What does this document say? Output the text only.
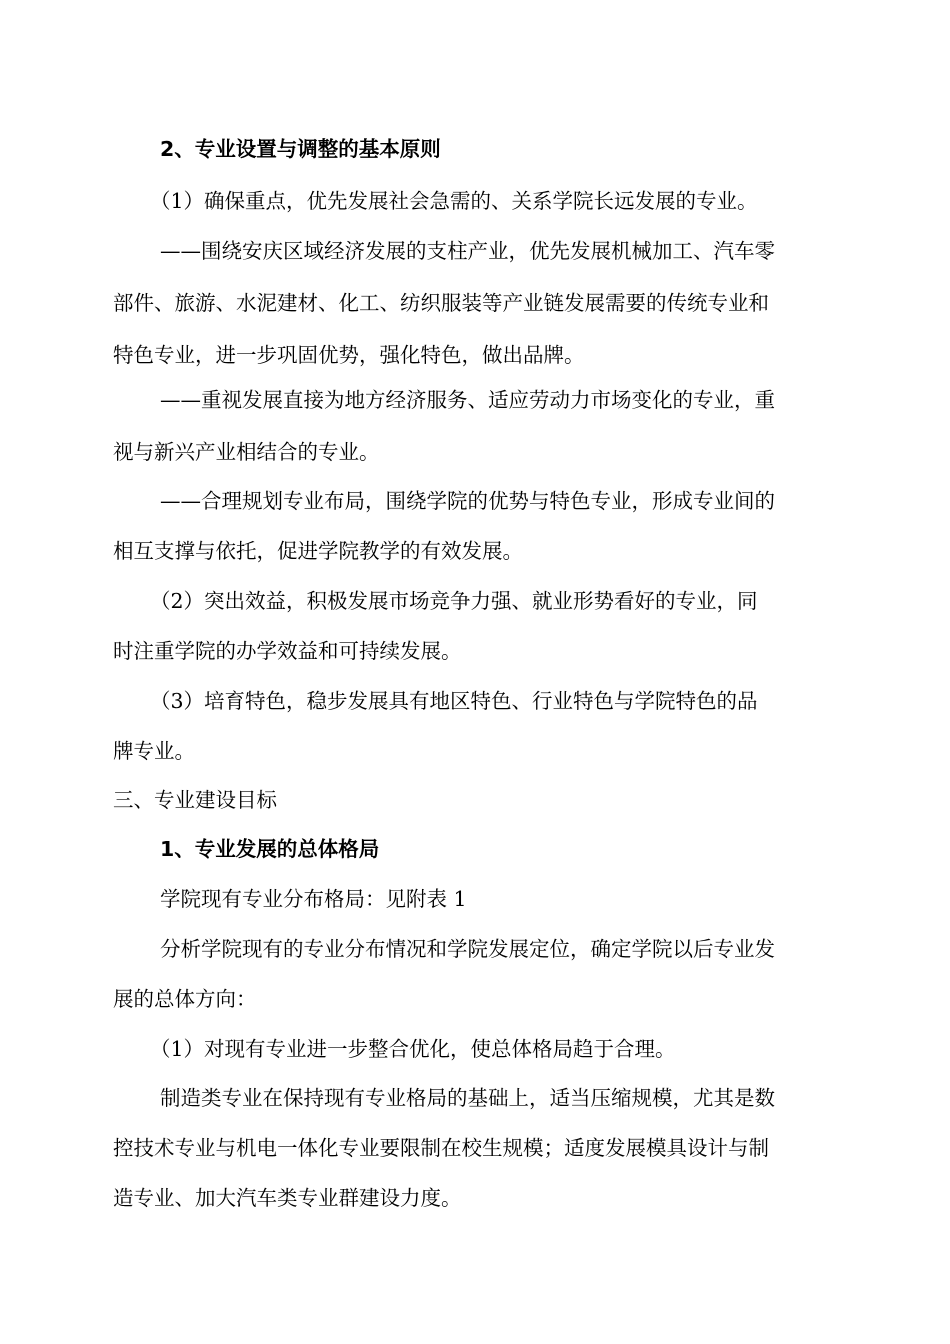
2、专业设置与调整的基本原则
（1）确保重点，优先发展社会急需的、关系学院长远发展的专业。
——围绕安庆区域经济发展的支柱产业，优先发展机械加工、汽车零
部件、旅游、水泥建材、化工、纺织服装等产业链发展需要的传统专业和
特色专业，进一步巩固优势，强化特色，做出品牌。
——重视发展直接为地方经济服务、适应劳动力市场变化的专业，重
视与新兴产业相结合的专业。
——合理规划专业布局，围绕学院的优势与特色专业，形成专业间的
相互支撑与依托，促进学院教学的有效发展。
（2）突出效益，积极发展市场竞争力强、就业形势看好的专业，同
时注重学院的办学效益和可持续发展。
（3）培育特色，稳步发展具有地区特色、行业特色与学院特色的品
牌专业。
三、专业建设目标
1、专业发展的总体格局
学院现有专业分布格局：见附表 1
分析学院现有的专业分布情况和学院发展定位，确定学院以后专业发
展的总体方向：
（1）对现有专业进一步整合优化，使总体格局趋于合理。
制造类专业在保持现有专业格局的基础上，适当压缩规模，尤其是数
控技术专业与机电一体化专业要限制在校生规模；适度发展模具设计与制
造专业、加大汽车类专业群建设力度。
